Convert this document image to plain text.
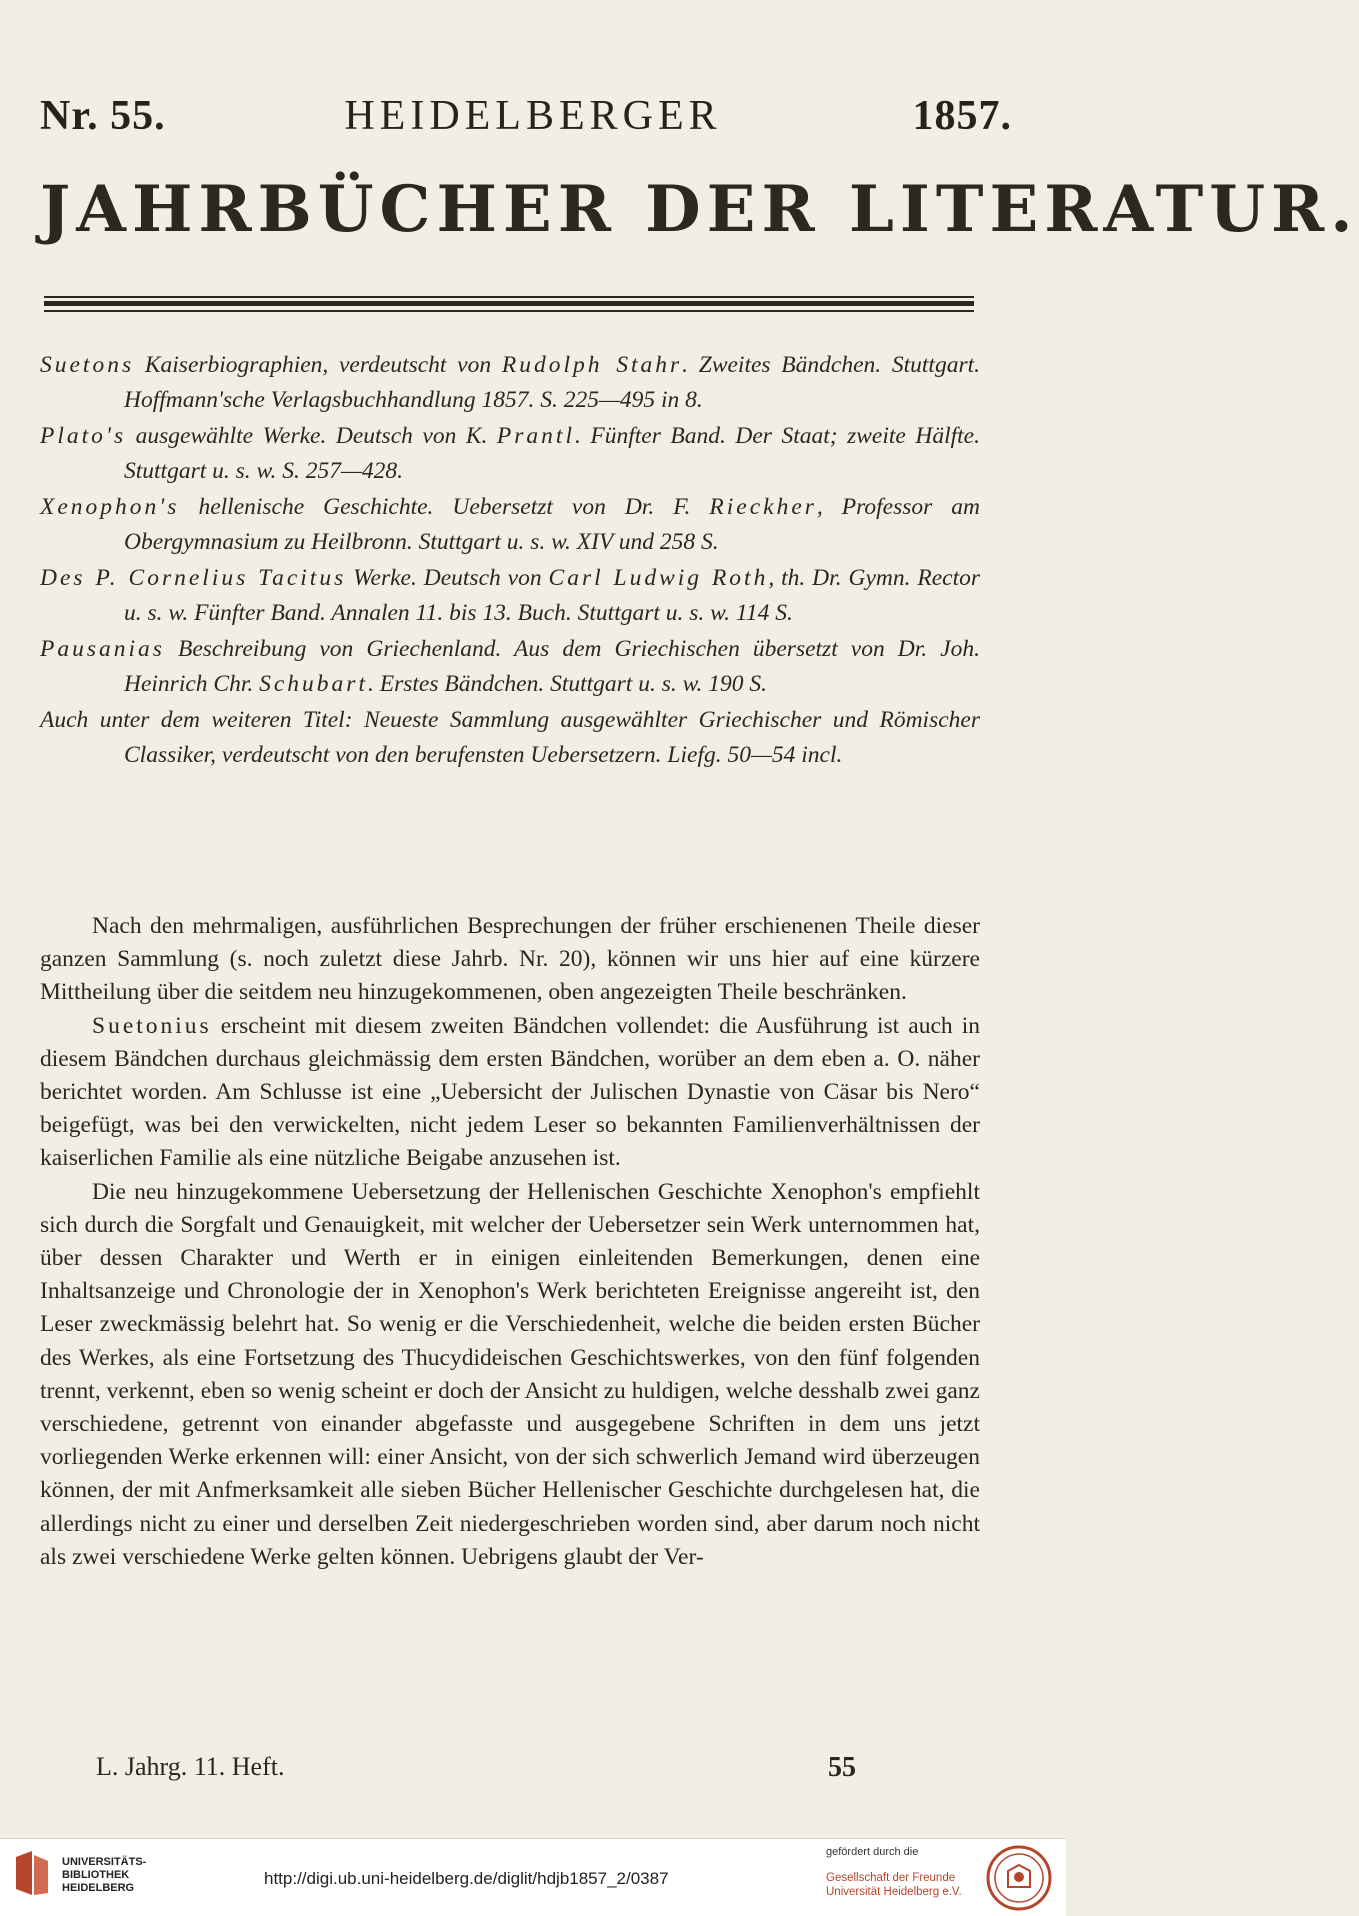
Nr. 55.	HEIDELBERGER	1857.
JAHRBÜCHER DER LITERATUR.

Suetons Kaiserbiographien, verdeutscht von Rudolph Stahr. Zweites Bändchen. Stuttgart. Hoffmann'sche Verlagsbuchhandlung 1857. S. 225—495 in 8.

Plato's ausgewählte Werke. Deutsch von K. Prantl. Fünfter Band. Der Staat; zweite Hälfte. Stuttgart u. s. w. S. 257—428.

Xenophon's hellenische Geschichte. Uebersetzt von Dr. F. Rieckher, Professor am Obergymnasium zu Heilbronn. Stuttgart u. s. w. XIV und 258 S.

Des P. Cornelius Tacitus Werke. Deutsch von Carl Ludwig Roth, th. Dr. Gymn. Rector u. s. w. Fünfter Band. Annalen 11. bis 13. Buch. Stuttgart u. s. w. 114 S.

Pausanias Beschreibung von Griechenland. Aus dem Griechischen übersetzt von Dr. Joh. Heinrich Chr. Schubart. Erstes Bändchen. Stuttgart u. s. w. 190 S.

Auch unter dem weiteren Titel: Neueste Sammlung ausgewählter Griechischer und Römischer Classiker, verdeutscht von den berufensten Uebersetzern. Liefg. 50—54 incl.

Nach den mehrmaligen, ausführlichen Besprechungen der früher erschienenen Theile dieser ganzen Sammlung (s. noch zuletzt diese Jahrb. Nr. 20), können wir uns hier auf eine kürzere Mittheilung über die seitdem neu hinzugekommenen, oben angezeigten Theile beschränken.

Suetonius erscheint mit diesem zweiten Bändchen vollendet: die Ausführung ist auch in diesem Bändchen durchaus gleichmässig dem ersten Bändchen, worüber an dem eben a. O. näher berichtet worden. Am Schlusse ist eine „Uebersicht der Julischen Dynastie von Cäsar bis Nero“ beigefügt, was bei den verwickelten, nicht jedem Leser so bekannten Familienverhältnissen der kaiserlichen Familie als eine nützliche Beigabe anzusehen ist.

Die neu hinzugekommene Uebersetzung der Hellenischen Geschichte Xenophon's empfiehlt sich durch die Sorgfalt und Genauigkeit, mit welcher der Uebersetzer sein Werk unternommen hat, über dessen Charakter und Werth er in einigen einleitenden Bemerkungen, denen eine Inhaltsanzeige und Chronologie der in Xenophon's Werk berichteten Ereignisse angereiht ist, den Leser zweckmässig belehrt hat. So wenig er die Verschiedenheit, welche die beiden ersten Bücher des Werkes, als eine Fortsetzung des Thucydideischen Geschichtswerkes, von den fünf folgenden trennt, verkennt, eben so wenig scheint er doch der Ansicht zu huldigen, welche desshalb zwei ganz verschiedene, getrennt von einander abgefasste und ausgegebene Schriften in dem uns jetzt vorliegenden Werke erkennen will: einer Ansicht, von der sich schwerlich Jemand wird überzeugen können, der mit Anfmerksamkeit alle sieben Bücher Hellenischer Geschichte durchgelesen hat, die allerdings nicht zu einer und derselben Zeit niedergeschrieben worden sind, aber darum noch nicht als zwei verschiedene Werke gelten können. Uebrigens glaubt der Ver-

L. Jahrg. 11. Heft.	55
UNIVERSITÄTS-
BIBLIOTHEK
HEIDELBERG	http://digi.ub.uni-heidelberg.de/diglit/hdjb1857_2/0387
gefördert durch die
Gesellschaft der Freunde
Universität Heidelberg e.V.
